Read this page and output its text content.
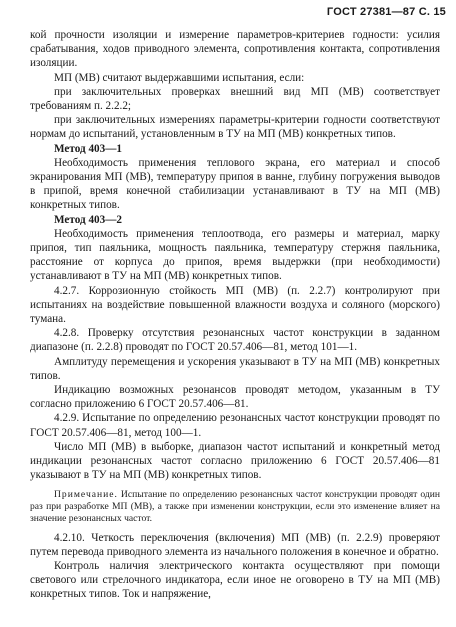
ГОСТ 27381—87 С. 15

кой прочности изоляции и измерение параметров-критериев годности: усилия срабатывания, ходов приводного элемента, сопротивления контакта, сопротивления изоляции.

МП (МВ) считают выдержавшими испытания, если:

при заключительных проверках внешний вид МП (МВ) соответствует требованиям п. 2.2.2;

при заключительных измерениях параметры-критерии годности соответствуют нормам до испытаний, установленным в ТУ на МП (МВ) конкретных типов.

Метод 403—1

Необходимость применения теплового экрана, его материал и способ экранирования МП (МВ), температуру припоя в ванне, глубину погружения выводов в припой, время конечной стабилизации устанавливают в ТУ на МП (МВ) конкретных типов.

Метод 403—2

Необходимость применения теплоотвода, его размеры и материал, марку припоя, тип паяльника, мощность паяльника, температуру стержня паяльника, расстояние от корпуса до припоя, время выдержки (при необходимости) устанавливают в ТУ на МП (МВ) конкретных типов.

4.2.7. Коррозионную стойкость МП (МВ) (п. 2.2.7) контролируют при испытаниях на воздействие повышенной влажности воздуха и соляного (морского) тумана.

4.2.8. Проверку отсутствия резонансных частот конструкции в заданном диапазоне (п. 2.2.8) проводят по ГОСТ 20.57.406—81, метод 101—1.

Амплитуду перемещения и ускорения указывают в ТУ на МП (МВ) конкретных типов.

Индикацию возможных резонансов проводят методом, указанным в ТУ согласно приложению 6 ГОСТ 20.57.406—81.

4.2.9. Испытание по определению резонансных частот конструкции проводят по ГОСТ 20.57.406—81, метод 100—1.

Число МП (МВ) в выборке, диапазон частот испытаний и конкретный метод индикации резонансных частот согласно приложению 6 ГОСТ 20.57.406—81 указывают в ТУ на МП (МВ) конкретных типов.

Примечание. Испытание по определению резонансных частот конструкции проводят один раз при разработке МП (МВ), а также при изменении конструкции, если это изменение влияет на значение резонансных частот.

4.2.10. Четкость переключения (включения) МП (МВ) (п. 2.2.9) проверяют путем перевода приводного элемента из начального положения в конечное и обратно.

Контроль наличия электрического контакта осуществляют при помощи светового или стрелочного индикатора, если иное не оговорено в ТУ на МП (МВ) конкретных типов. Ток и напряжение,
